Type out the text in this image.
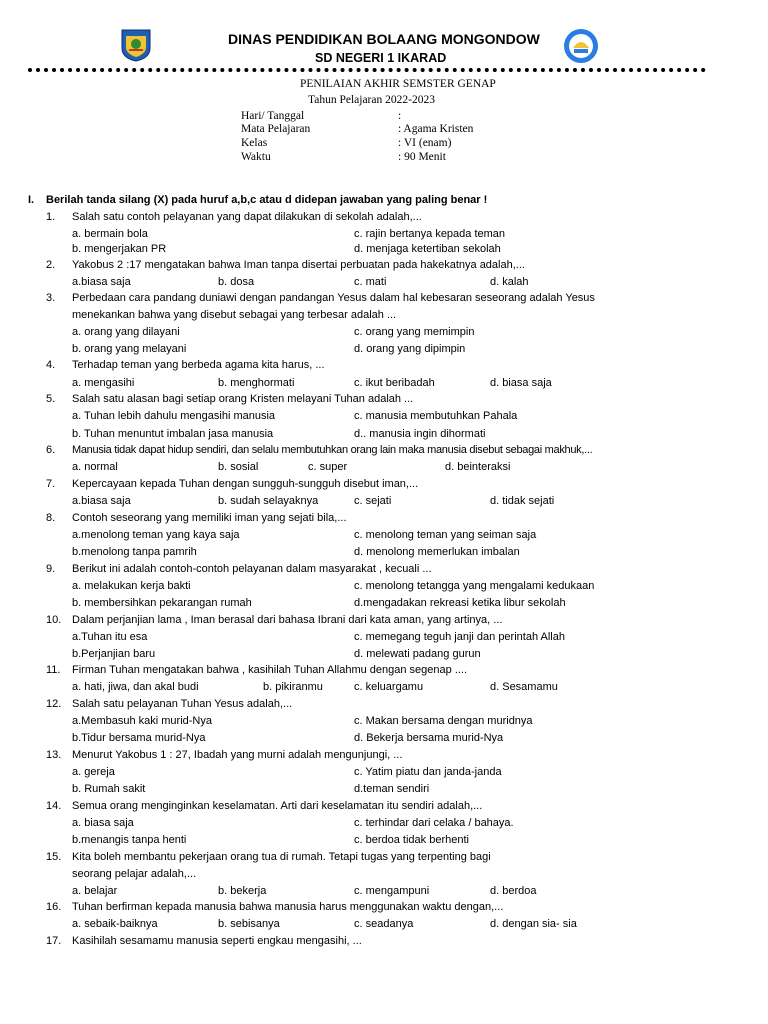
DINAS PENDIDIKAN BOLAANG MONGONDOW
SD NEGERI 1 IKARAD
PENILAIAN AKHIR SEMSTER GENAP
Tahun Pelajaran 2022-2023
Hari/ Tanggal	:
Mata Pelajaran	: Agama Kristen
Kelas	: VI (enam)
Waktu	: 90 Menit
I. Berilah tanda silang (X) pada huruf a,b,c atau d didepan jawaban yang paling benar !
1. Salah satu contoh pelayanan yang dapat dilakukan di sekolah adalah,...
a. bermain bola	c. rajin bertanya kepada teman
b. mengerjakan PR	d. menjaga ketertiban sekolah
2. Yakobus 2 :17 mengatakan bahwa Iman tanpa disertai perbuatan pada hakekatnya adalah,...
a.biasa saja	b. dosa	c. mati	d. kalah
3. Perbedaan cara pandang duniawi dengan pandangan Yesus dalam hal kebesaran seseorang adalah Yesus
menekankan bahwa yang disebut sebagai yang terbesar adalah ...
a. orang yang dilayani	c. orang yang memimpin
b. orang yang melayani	d. orang yang dipimpin
4. Terhadap teman yang berbeda agama kita harus, ...
a. mengasihi	b. menghormati	c. ikut beribadah	d. biasa saja
5. Salah satu alasan bagi setiap orang Kristen melayani Tuhan adalah ...
a. Tuhan lebih dahulu mengasihi manusia	c. manusia membutuhkan Pahala
b. Tuhan menuntut imbalan jasa manusia	d.. manusia ingin dihormati
6. Manusia tidak dapat hidup sendiri, dan selalu membutuhkan orang lain maka manusia disebut sebagai makhuk,...
a. normal	b. sosial	c. super	d. beinteraksi
7. Kepercayaan kepada Tuhan dengan sungguh-sungguh disebut iman,...
a.biasa saja	b. sudah selayaknya	c. sejati	d. tidak sejati
8. Contoh seseorang yang memiliki iman yang sejati bila,...
a.menolong teman yang kaya saja	c. menolong teman yang seiman saja
b.menolong tanpa pamrih	d. menolong memerlukan imbalan
9. Berikut ini adalah contoh-contoh pelayanan dalam masyarakat , kecuali ...
a. melakukan kerja bakti	c. menolong tetangga yang mengalami kedukaan
b. membersihkan pekarangan rumah	d.mengadakan rekreasi ketika libur sekolah
10. Dalam perjanjian lama , Iman berasal dari bahasa Ibrani dari kata aman, yang artinya, ...
a.Tuhan itu esa	c. memegang teguh janji dan perintah Allah
b.Perjanjian baru	d. melewati padang gurun
11. Firman Tuhan mengatakan bahwa , kasihilah Tuhan Allahmu dengan segenap ....
a. hati, jiwa, dan akal budi	b. pikiranmu	c. keluargamu	d. Sesamamu
12. Salah satu pelayanan Tuhan Yesus adalah,...
a.Membasuh kaki murid-Nya	c. Makan bersama dengan muridnya
b.Tidur bersama murid-Nya	d. Bekerja bersama murid-Nya
13. Menurut Yakobus 1 : 27, Ibadah yang murni adalah mengunjungi, ...
a. gereja	c. Yatim piatu dan janda-janda
b. Rumah sakit	d.teman sendiri
14. Semua orang menginginkan keselamatan. Arti dari keselamatan itu sendiri adalah,...
a. biasa saja	c. terhindar dari celaka / bahaya.
b.menangis tanpa henti	c. berdoa tidak berhenti
15. Kita boleh membantu pekerjaan orang tua di rumah. Tetapi tugas yang terpenting bagi
seorang pelajar adalah,...
a. belajar	b. bekerja	c. mengampuni	d. berdoa
16. Tuhan berfirman kepada manusia bahwa manusia harus menggunakan waktu dengan,...
a. sebaik-baiknya	b. sebisanya	c. seadanya	d. dengan sia- sia
17. Kasihilah sesamamu manusia seperti engkau mengasihi, ...
